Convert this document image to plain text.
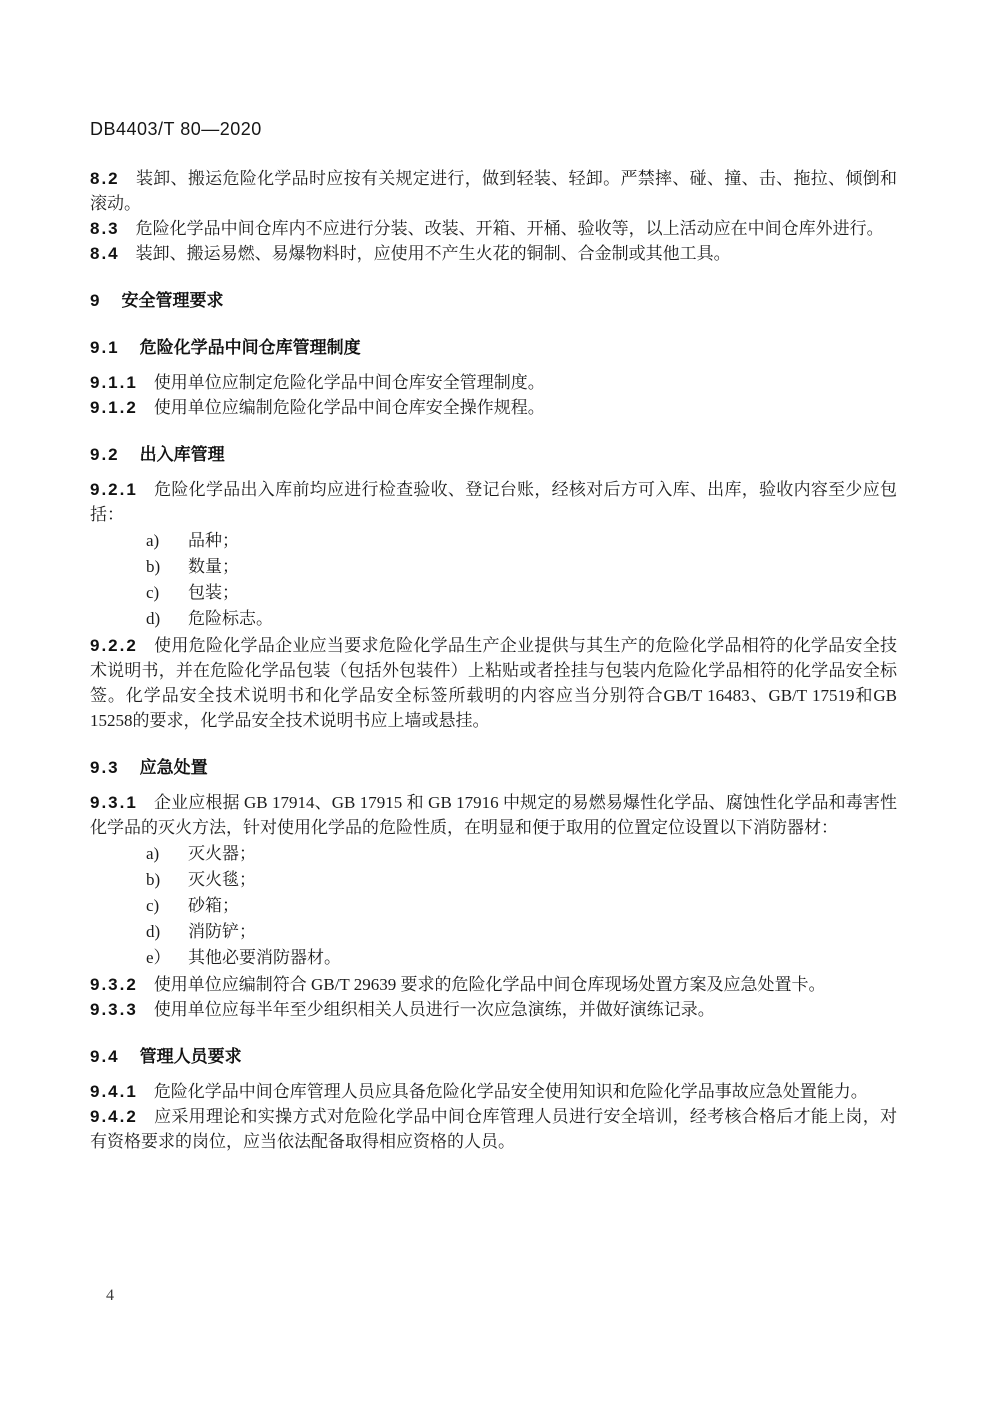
DB4403/T 80—2020

8.2 装卸、搬运危险化学品时应按有关规定进行，做到轻装、轻卸。严禁摔、碰、撞、击、拖拉、倾倒和滚动。

8.3 危险化学品中间仓库内不应进行分装、改装、开箱、开桶、验收等，以上活动应在中间仓库外进行。

8.4 装卸、搬运易燃、易爆物料时，应使用不产生火花的铜制、合金制或其他工具。

9 安全管理要求
9.1 危险化学品中间仓库管理制度

9.1.1 使用单位应制定危险化学品中间仓库安全管理制度。

9.1.2 使用单位应编制危险化学品中间仓库安全操作规程。

9.2 出入库管理

9.2.1 危险化学品出入库前均应进行检查验收、登记台账，经核对后方可入库、出库，验收内容至少应包括：

a)	品种；
b)	数量；
c)	包装；
d)	危险标志。

9.2.2 使用危险化学品企业应当要求危险化学品生产企业提供与其生产的危险化学品相符的化学品安全技术说明书，并在危险化学品包装（包括外包装件）上粘贴或者拴挂与包装内危险化学品相符的化学品安全标签。化学品安全技术说明书和化学品安全标签所载明的内容应当分别符合GB/T 16483、GB/T 17519和GB 15258的要求，化学品安全技术说明书应上墙或悬挂。

9.3 应急处置

9.3.1 企业应根据 GB 17914、GB 17915 和 GB 17916 中规定的易燃易爆性化学品、腐蚀性化学品和毒害性化学品的灭火方法，针对使用化学品的危险性质，在明显和便于取用的位置定位设置以下消防器材：

a)	灭火器；
b)	灭火毯；
c)	砂箱；
d)	消防铲；
e）	其他必要消防器材。

9.3.2 使用单位应编制符合 GB/T 29639 要求的危险化学品中间仓库现场处置方案及应急处置卡。

9.3.3 使用单位应每半年至少组织相关人员进行一次应急演练，并做好演练记录。

9.4 管理人员要求

9.4.1 危险化学品中间仓库管理人员应具备危险化学品安全使用知识和危险化学品事故应急处置能力。

9.4.2 应采用理论和实操方式对危险化学品中间仓库管理人员进行安全培训，经考核合格后才能上岗，对有资格要求的岗位，应当依法配备取得相应资格的人员。

4
